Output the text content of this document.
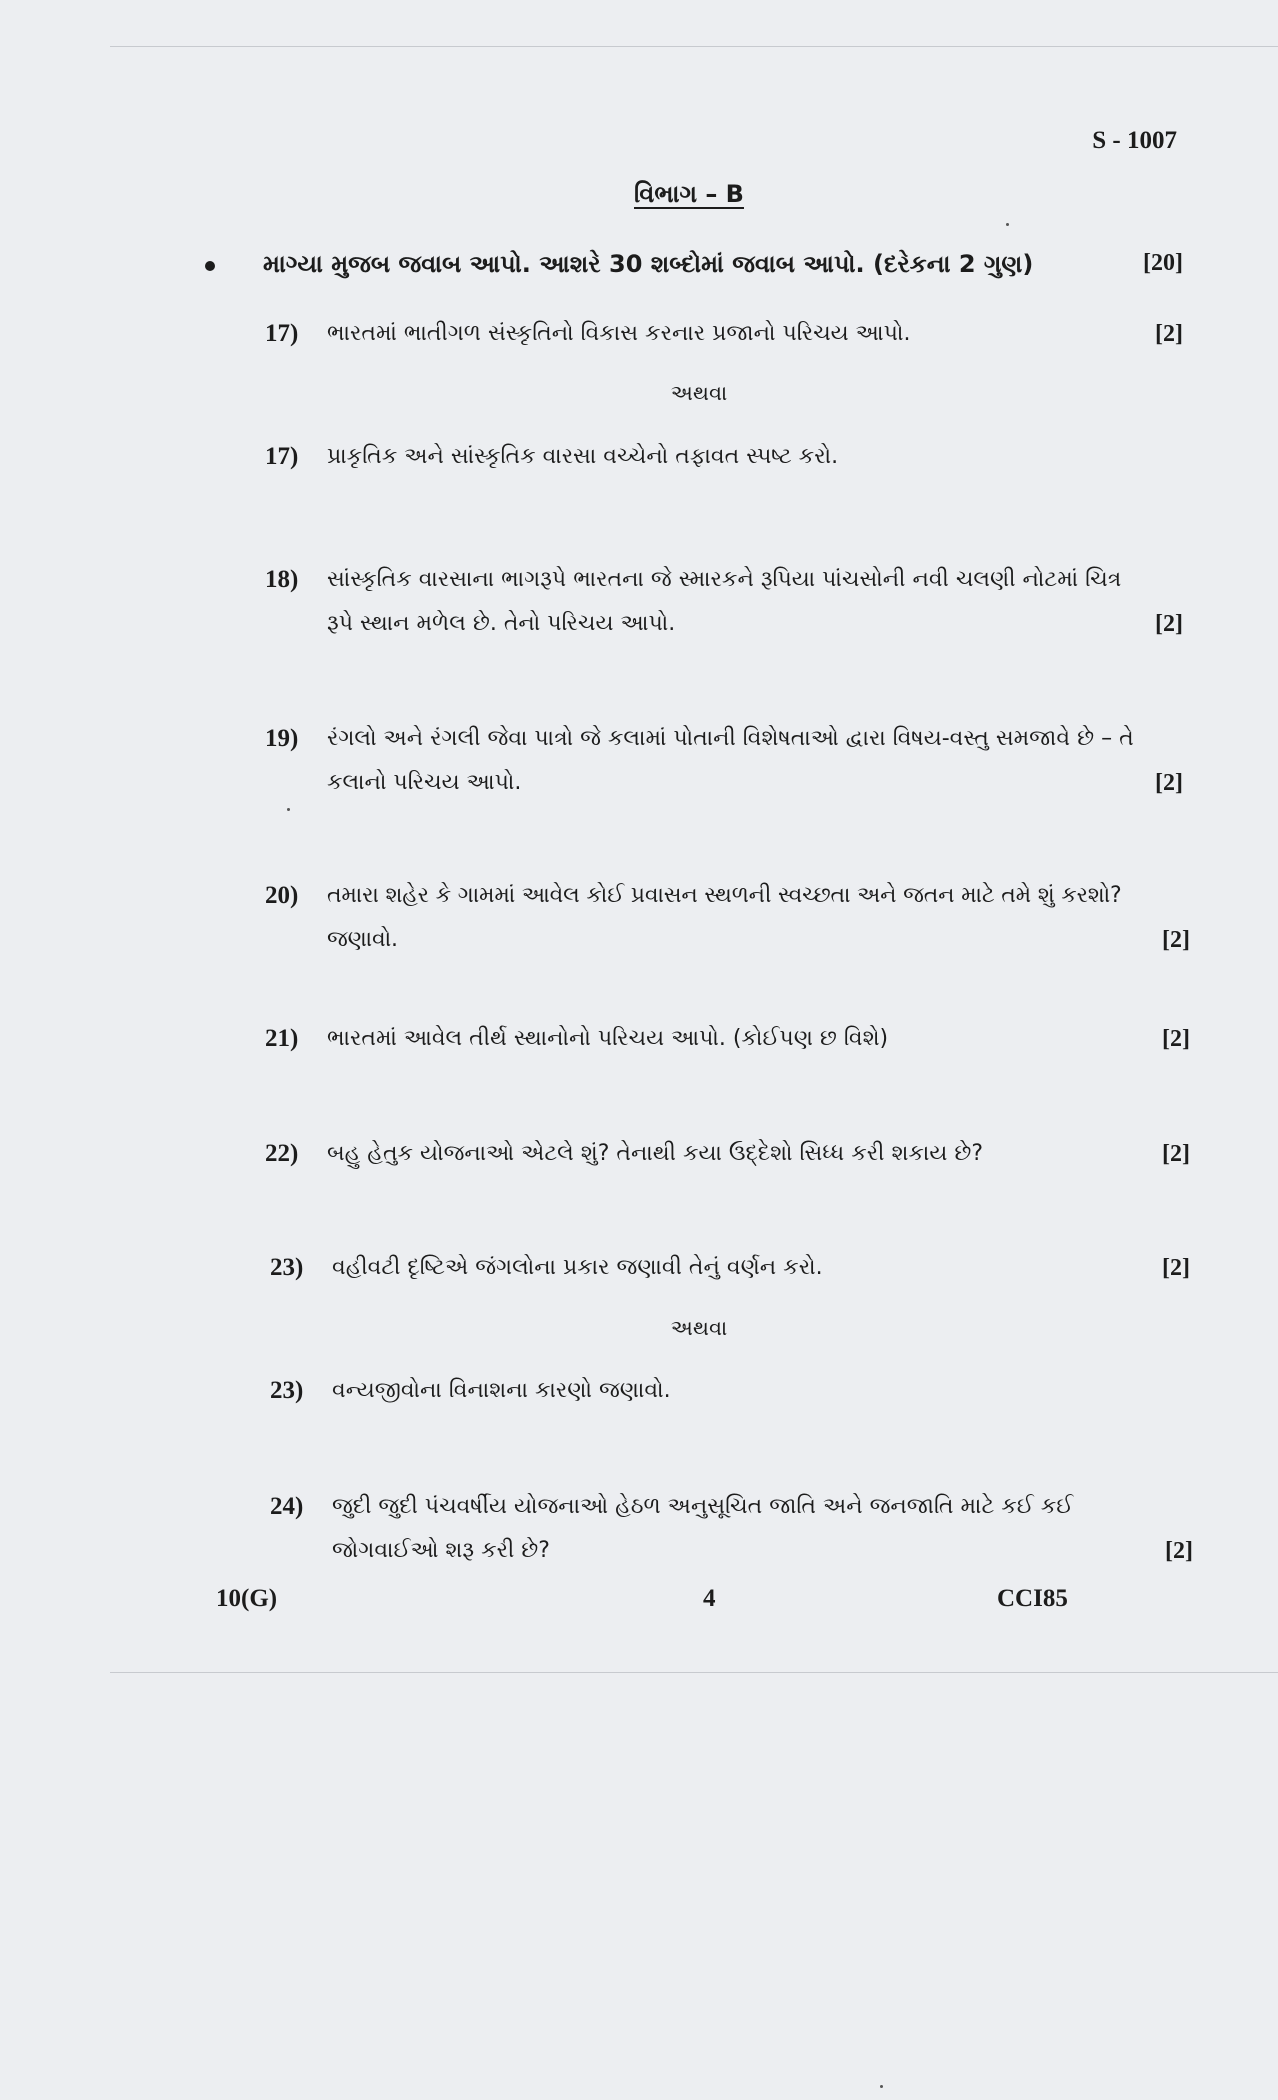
S - 1007
વિભાગ – B
માગ્યા મુજબ જવાબ આપો. આશરે 30 શબ્દોમાં જવાબ આપો. (દરેકના 2 ગુણ)	[20]
17) ભારતમાં ભાતીગળ સંસ્કૃતિનો વિકાસ કરનાર પ્રજાનો પરિચય આપો.	[2]
અથવા
17) પ્રાકૃતિક અને સાંસ્કૃતિક વારસા વચ્ચેનો તફાવત સ્પષ્ટ કરો.
18) સાંસ્કૃતિક વારસાના ભાગરૂપે ભારતના જે સ્મારકને રૂપિયા પાંચસોની નવી ચલણી નોટમાં ચિત્ર રૂપે સ્થાન મળેલ છે. તેનો પરિચય આપો.	[2]
19) રંગલો અને રંગલી જેવા પાત્રો જે કલામાં પોતાની વિશેષતાઓ દ્વારા વિષય-વસ્તુ સમજાવે છે – તે કલાનો પરિચય આપો.	[2]
20) તમારા શહેર કે ગામમાં આવેલ કોઈ પ્રવાસન સ્થળની સ્વચ્છતા અને જતન માટે તમે શું કરશો? જણાવો.	[2]
21) ભારતમાં આવેલ તીર્થ સ્થાનોનો પરિચય આપો. (કોઈપણ છ વિશે)	[2]
22) બહુ હેતુક યોજનાઓ એટલે શું? તેનાથી કયા ઉદ્દેશો સિધ્ધ કરી શકાય છે?	[2]
23) વહીવટી દૃષ્ટિએ જંગલોના પ્રકાર જણાવી તેનું વર્ણન કરો.	[2]
અથવા
23) વન્યજીવોના વિનાશના કારણો જણાવો.
24) જુદી જુદી પંચવર્ષીય યોજનાઓ હેઠળ અનુસૂચિત જાતિ અને જનજાતિ માટે કઈ કઈ જોગવાઈઓ શરૂ કરી છે?	[2]
10(G)	4	CCI85
